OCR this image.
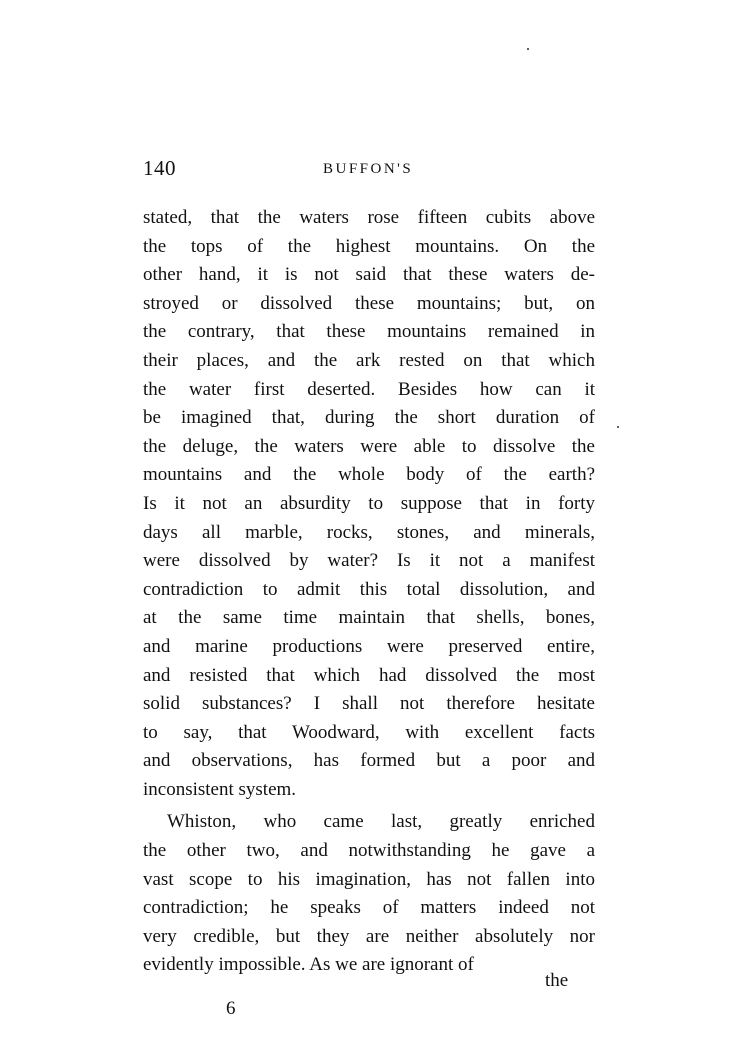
140	BUFFON'S
stated, that the waters rose fifteen cubits above
the tops of the highest mountains. On the
other hand, it is not said that these waters de-
stroyed or dissolved these mountains; but, on
the contrary, that these mountains remained in
their places, and the ark rested on that which
the water first deserted. Besides how can it
be imagined that, during the short duration of
the deluge, the waters were able to dissolve the
mountains and the whole body of the earth?
Is it not an absurdity to suppose that in forty
days all marble, rocks, stones, and minerals,
were dissolved by water? Is it not a manifest
contradiction to admit this total dissolution, and
at the same time maintain that shells, bones,
and marine productions were preserved entire,
and resisted that which had dissolved the most
solid substances? I shall not therefore hesitate
to say, that Woodward, with excellent facts
and observations, has formed but a poor and
inconsistent system.
Whiston, who came last, greatly enriched
the other two, and notwithstanding he gave a
vast scope to his imagination, has not fallen into
contradiction; he speaks of matters indeed not
very credible, but they are neither absolutely nor
evidently impossible. As we are ignorant of
the
6
